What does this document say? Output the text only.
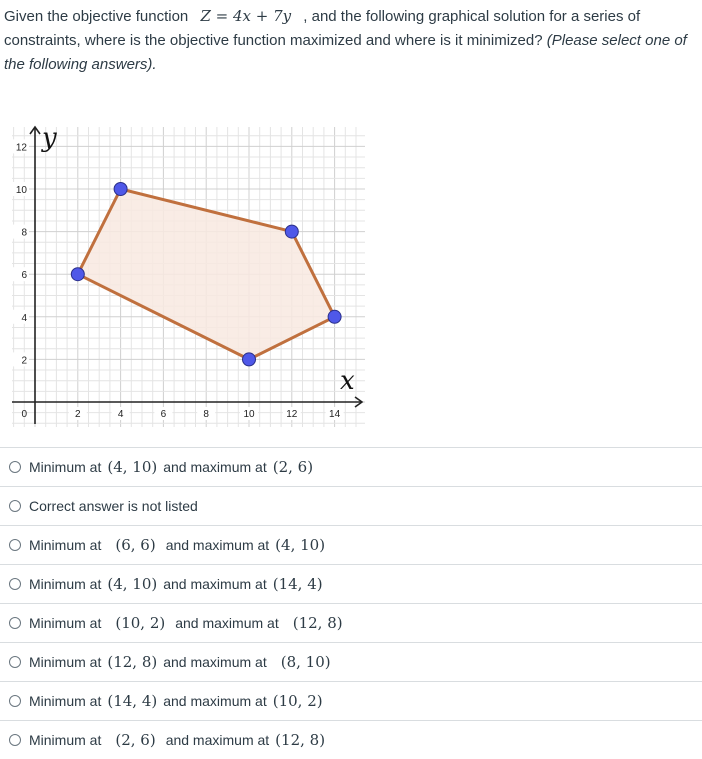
Given the objective function Z = 4x + 7y , and the following graphical solution for a series of constraints, where is the objective function maximized and where is it minimized? (Please select one of the following answers).
12
10
8
6
4
2
0	2	4	6	8	10	12	14
y
x
Minimum at (4, 10) and maximum at (2, 6)
Correct answer is not listed
Minimum at (6, 6) and maximum at (4, 10)
Minimum at (4, 10) and maximum at (14, 4)
Minimum at (10, 2) and maximum at (12, 8)
Minimum at (12, 8) and maximum at (8, 10)
Minimum at (14, 4) and maximum at (10, 2)
Minimum at (2, 6) and maximum at (12, 8)
